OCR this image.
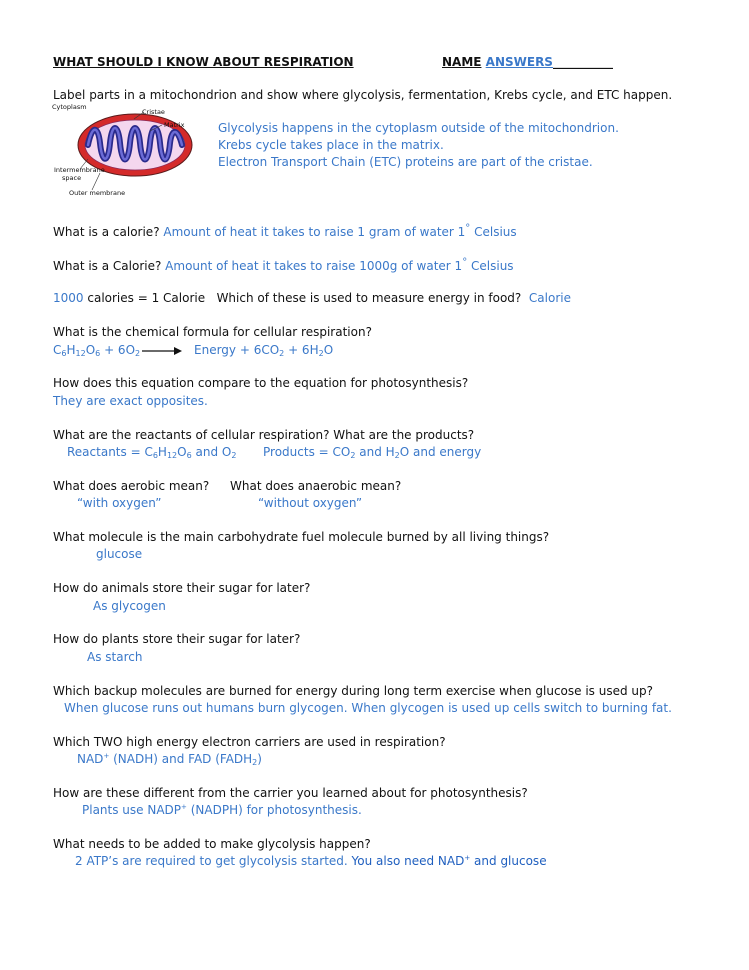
WHAT SHOULD I KNOW ABOUT RESPIRATION	NAME ANSWERS__________
Label parts in a mitochondrion and show where glycolysis, fermentation, Krebs cycle, and ETC happen.
Cytoplasm
Cristae
Matrix
Intermembrane
space
Outer membrane
Glycolysis happens in the cytoplasm outside of the mitochondrion.
Krebs cycle takes place in the matrix.
Electron Transport Chain (ETC) proteins are part of the cristae.
What is a calorie? Amount of heat it takes to raise 1 gram of water 1° Celsius
What is a Calorie? Amount of heat it takes to raise 1000g of water 1° Celsius
1000 calories = 1 Calorie Which of these is used to measure energy in food? Calorie
What is the chemical formula for cellular respiration?
$C_6H_{12}O_6 + 6O_2$ → Energy + $6CO_2 + 6H_2O$
How does this equation compare to the equation for photosynthesis?
They are exact opposites.
What are the reactants of cellular respiration? What are the products?
Reactants = $C_6H_{12}O_6$ and $O_2$ Products = $CO_2$ and $H_2O$ and energy
What does aerobic mean?
“with oxygen”
What does anaerobic mean?
“without oxygen”
What molecule is the main carbohydrate fuel molecule burned by all living things?
glucose
How do animals store their sugar for later?
As glycogen
How do plants store their sugar for later?
As starch
Which backup molecules are burned for energy during long term exercise when glucose is used up?
When glucose runs out humans burn glycogen. When glycogen is used up cells switch to burning fat.
Which TWO high energy electron carriers are used in respiration?
NAD+ (NADH) and FAD $(FADH_2)$
How are these different from the carrier you learned about for photosynthesis?
Plants use NADP+ (NADPH) for photosynthesis.
What needs to be added to make glycolysis happen?
2 ATP’s are required to get glycolysis started. You also need NAD+ and glucose
